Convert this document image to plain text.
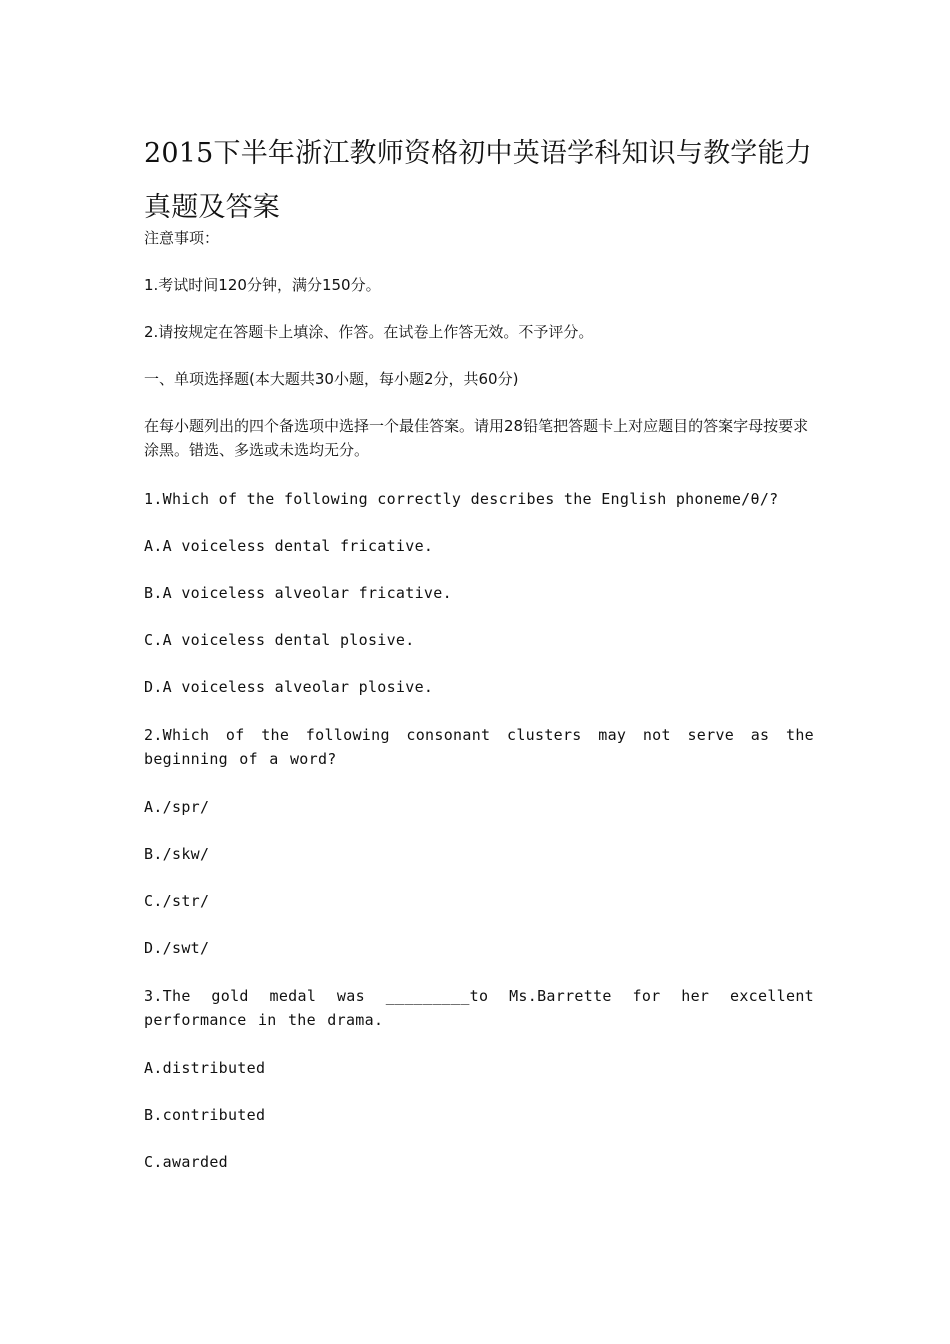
2015下半年浙江教师资格初中英语学科知识与教学能力真题及答案
注意事项：
1.考试时间120分钟，满分150分。
2.请按规定在答题卡上填涂、作答。在试卷上作答无效。不予评分。
一、单项选择题(本大题共30小题，每小题2分，共60分)
在每小题列出的四个备选项中选择一个最佳答案。请用28铅笔把答题卡上对应题目的答案字母按要求涂黑。错选、多选或未选均无分。
1.Which of the following correctly describes the English phoneme/θ/?
A.A voiceless dental fricative.
B.A voiceless alveolar fricative.
C.A voiceless dental plosive.
D.A voiceless alveolar plosive.
2.Which of the following consonant clusters may not serve as the beginning of a word?
A./spr/
B./skw/
C./str/
D./swt/
3.The gold medal was _________to Ms.Barrette for her excellent performance in the drama.
A.distributed
B.contributed
C.awarded
